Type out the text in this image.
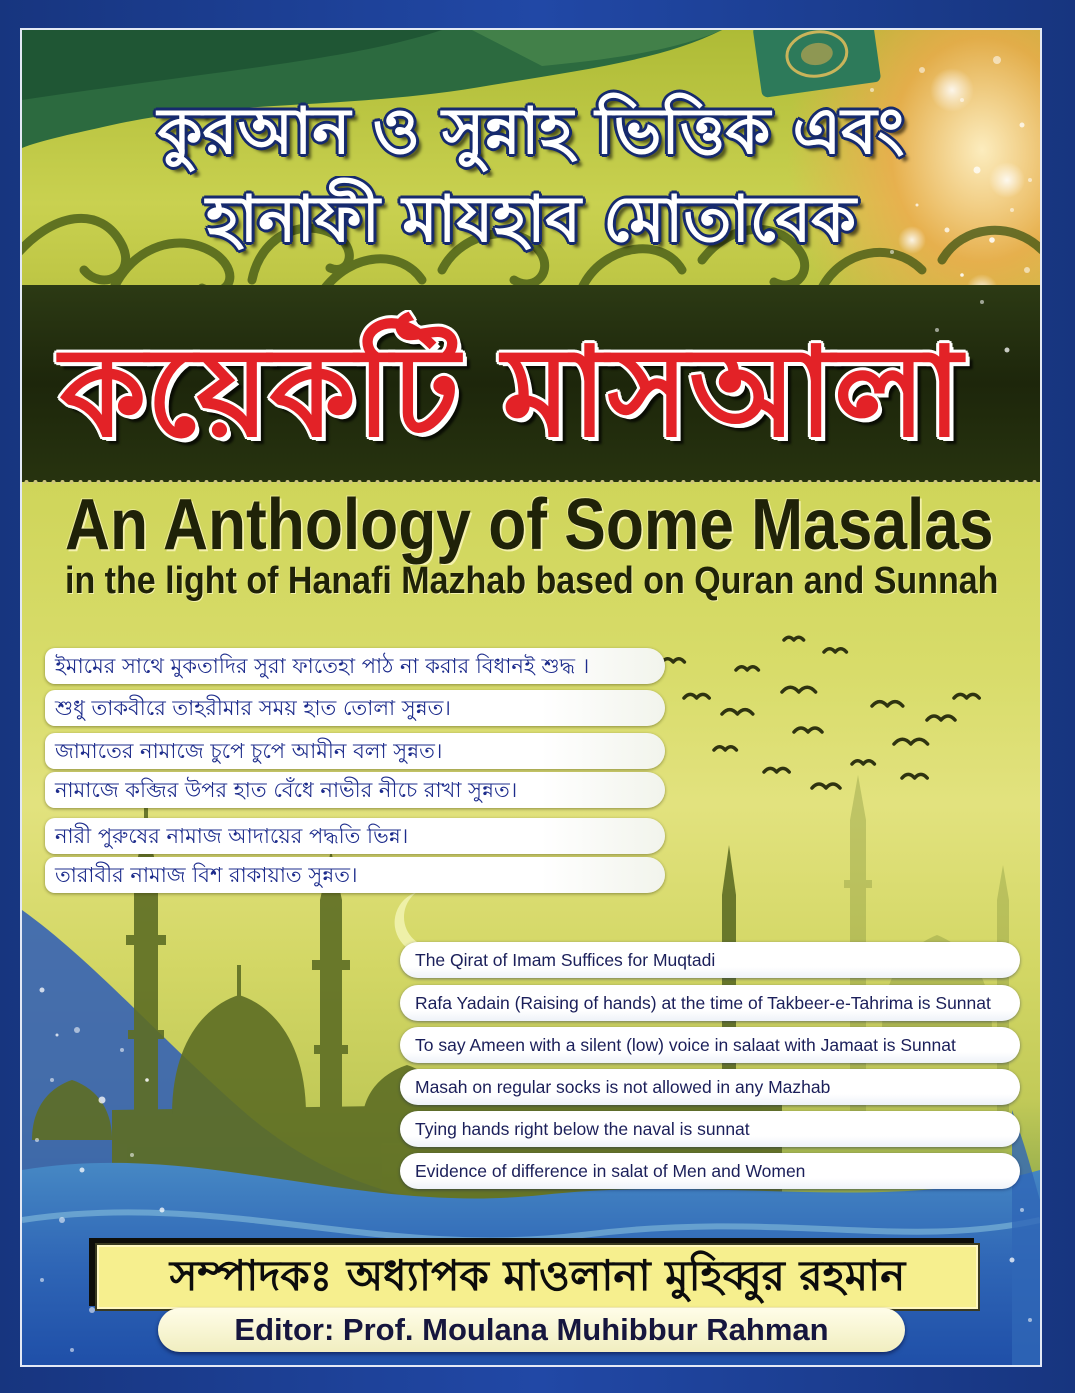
কুরআন ও সুন্নাহ ভিত্তিক এবং
হানাফী মাযহাব মোতাবেক
কয়েকটি মাসআলা
An Anthology of Some Masalas
in the light of Hanafi Mazhab based on Quran and Sunnah
ইমামের সাথে মুকতাদির সুরা ফাতেহা পাঠ না করার বিধানই শুদ্ধ ।
শুধু তাকবীরে তাহরীমার সময় হাত তোলা সুন্নত।
জামাতের নামাজে চুপে চুপে আমীন বলা সুন্নত।
নামাজে কব্জির উপর হাত বেঁধে নাভীর নীচে রাখা সুন্নত।
নারী পুরুষের নামাজ আদায়ের পদ্ধতি ভিন্ন।
তারাবীর নামাজ বিশ রাকায়াত সুন্নত।
The Qirat of Imam Suffices for Muqtadi
Rafa Yadain (Raising of hands) at the time of Takbeer-e-Tahrima is Sunnat
To say Ameen with a silent (low) voice in salaat with Jamaat is Sunnat
Masah on regular socks is not allowed in any Mazhab
Tying hands right below the naval is sunnat
Evidence of difference in salat of Men and Women
সম্পাদকঃ অধ্যাপক মাওলানা মুহিব্বুর রহমান
Editor: Prof. Moulana Muhibbur Rahman
